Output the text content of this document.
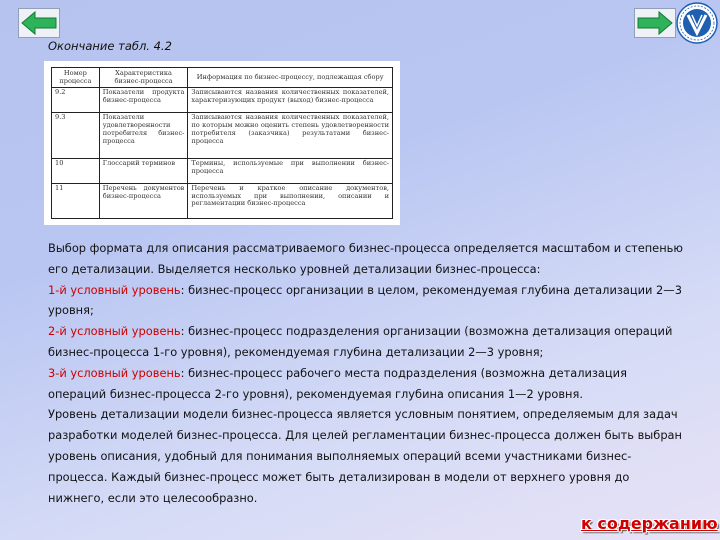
Окончание табл. 4.2
Номер процесса	Характеристика бизнес-процесса	Информация по бизнес-процессу, подлежащая сбору
9.2	Показатели продукта бизнес-процесса	Записываются названия количественных показателей, характеризующих продукт (выход) бизнес-процесса
9.3	Показатели удовлетворенности потребителя бизнес-процесса	Записываются названия количественных показателей, по которым можно оценить степень удовлетворенности потребителя (заказчика) результатами бизнес-процесса
10	Глоссарий терминов	Термины, используемые при выполнении бизнес-процесса
11	Перечень документов бизнес-процесса	Перечень и краткое описание документов, используемых при выполнении, описании и регламентации бизнес-процесса

Выбор формата для описания рассматриваемого бизнес-процесса определяется масштабом и степенью его детализации. Выделяется несколько уровней детализации бизнес-процесса:

1-й условный уровень: бизнес-процесс организации в целом, рекомендуемая глубина детализации 2—3 уровня;

2-й условный уровень: бизнес-процесс подразделения организации (возможна детализация операций бизнес-процесса 1-го уровня), рекомендуемая глубина детализации 2—3 уровня;

3-й условный уровень: бизнес-процесс рабочего места подразделения (возможна детализация операций бизнес-процесса 2-го уровня), рекомендуемая глубина описания 1—2 уровня.

Уровень детализации модели бизнес-процесса является условным понятием, определяемым для задач разработки моделей бизнес-процесса. Для целей регламентации бизнес-процесса должен быть выбран уровень описания, удобный для понимания выполняемых операций всеми участниками бизнес-процесса. Каждый бизнес-процесс может быть детализирован в модели от верхнего уровня до нижнего, если это целесообразно.

к содержанию
